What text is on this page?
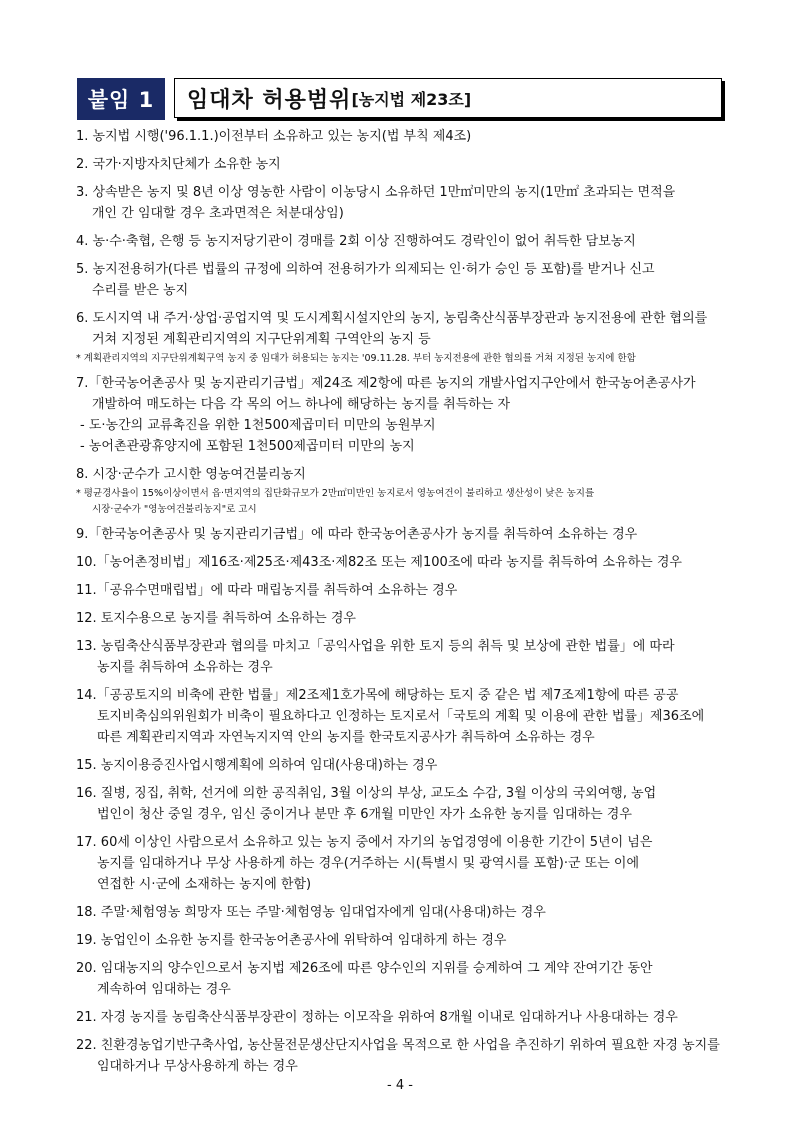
붙임 1	임대차 허용범위 [농지법 제23조]
1. 농지법 시행('96.1.1.)이전부터 소유하고 있는 농지(법 부칙 제4조)
2. 국가·지방자치단체가 소유한 농지
3. 상속받은 농지 및 8년 이상 영농한 사람이 이농당시 소유하던 1만㎡미만의 농지(1만㎡ 초과되는 면적을
개인 간 임대할 경우 초과면적은 처분대상임)
4. 농·수·축협, 은행 등 농지저당기관이 경매를 2회 이상 진행하여도 경락인이 없어 취득한 담보농지
5. 농지전용허가(다른 법률의 규정에 의하여 전용허가가 의제되는 인·허가 승인 등 포함)를 받거나 신고
수리를 받은 농지
6. 도시지역 내 주거·상업·공업지역 및 도시계획시설지안의 농지, 농림축산식품부장관과 농지전용에 관한 협의를
거쳐 지정된 계획관리지역의 지구단위계획 구역안의 농지 등
* 계획관리지역의 지구단위계획구역 농지 중 임대가 허용되는 농지는 '09.11.28. 부터 농지전용에 관한 협의를 거쳐 지정된 농지에 한함
7.「한국농어촌공사 및 농지관리기금법」제24조 제2항에 따른 농지의 개발사업지구안에서 한국농어촌공사가
개발하여 매도하는 다음 각 목의 어느 하나에 해당하는 농지를 취득하는 자
- 도·농간의 교류촉진을 위한 1천500제곱미터 미만의 농원부지
- 농어촌관광휴양지에 포함된 1천500제곱미터 미만의 농지
8. 시장·군수가 고시한 영농여건불리농지
* 평균경사율이 15%이상이면서 읍·면지역의 집단화규모가 2만㎡미만인 농지로서 영농여건이 불리하고 생산성이 낮은 농지를
시장·군수가 "영농여건불리농지"로 고시
9.「한국농어촌공사 및 농지관리기금법」에 따라 한국농어촌공사가 농지를 취득하여 소유하는 경우
10.「농어촌정비법」제16조·제25조·제43조·제82조 또는 제100조에 따라 농지를 취득하여 소유하는 경우
11.「공유수면매립법」에 따라 매립농지를 취득하여 소유하는 경우
12. 토지수용으로 농지를 취득하여 소유하는 경우
13. 농림축산식품부장관과 협의를 마치고「공익사업을 위한 토지 등의 취득 및 보상에 관한 법률」에 따라
농지를 취득하여 소유하는 경우
14.「공공토지의 비축에 관한 법률」제2조제1호가목에 해당하는 토지 중 같은 법 제7조제1항에 따른 공공
토지비축심의위원회가 비축이 필요하다고 인정하는 토지로서「국토의 계획 및 이용에 관한 법률」제36조에
따른 계획관리지역과 자연녹지지역 안의 농지를 한국토지공사가 취득하여 소유하는 경우
15. 농지이용증진사업시행계획에 의하여 임대(사용대)하는 경우
16. 질병, 징집, 취학, 선거에 의한 공직취임, 3월 이상의 부상, 교도소 수감, 3월 이상의 국외여행, 농업
법인이 청산 중일 경우, 임신 중이거나 분만 후 6개월 미만인 자가 소유한 농지를 임대하는 경우
17. 60세 이상인 사람으로서 소유하고 있는 농지 중에서 자기의 농업경영에 이용한 기간이 5년이 넘은
농지를 임대하거나 무상 사용하게 하는 경우(거주하는 시(특별시 및 광역시를 포함)·군 또는 이에
연접한 시·군에 소재하는 농지에 한함)
18. 주말·체험영농 희망자 또는 주말·체험영농 임대업자에게 임대(사용대)하는 경우
19. 농업인이 소유한 농지를 한국농어촌공사에 위탁하여 임대하게 하는 경우
20. 임대농지의 양수인으로서 농지법 제26조에 따른 양수인의 지위를 승계하여 그 계약 잔여기간 동안
계속하여 임대하는 경우
21. 자경 농지를 농림축산식품부장관이 정하는 이모작을 위하여 8개월 이내로 임대하거나 사용대하는 경우
22. 친환경농업기반구축사업, 농산물전문생산단지사업을 목적으로 한 사업을 추진하기 위하여 필요한 자경 농지를
임대하거나 무상사용하게 하는 경우
- 4 -
